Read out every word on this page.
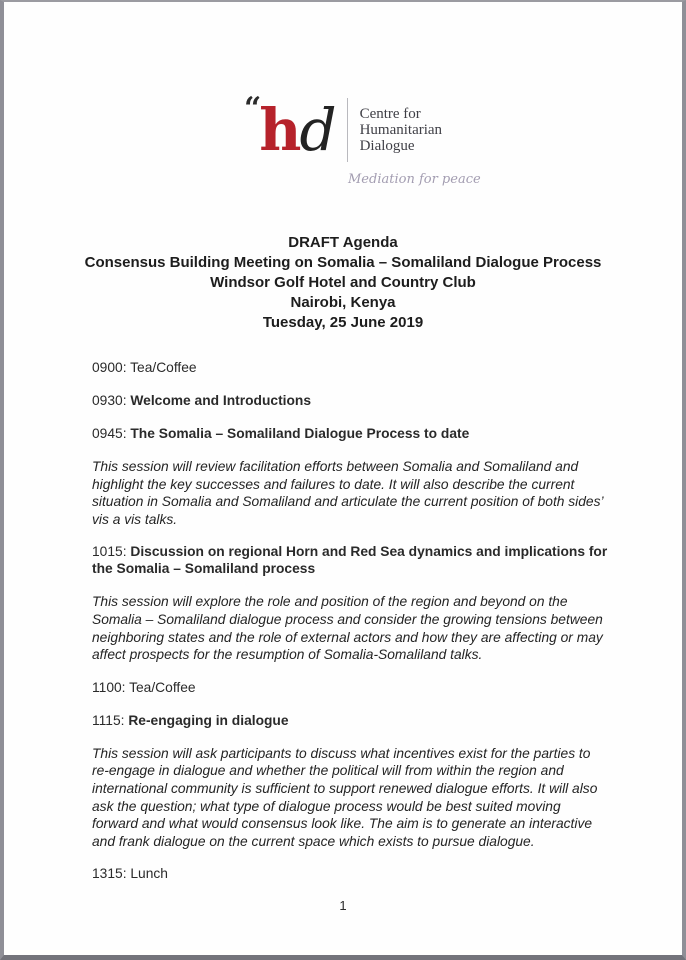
“ h d Centre for
Humanitarian
Dialogue
Mediation for peace
DRAFT Agenda
Consensus Building Meeting on Somalia – Somaliland Dialogue Process
Windsor Golf Hotel and Country Club
Nairobi, Kenya
Tuesday, 25 June 2019
0900: Tea/Coffee
0930: Welcome and Introductions
0945: The Somalia – Somaliland Dialogue Process to date

This session will review facilitation efforts between Somalia and Somaliland and highlight the key successes and failures to date. It will also describe the current situation in Somalia and Somaliland and articulate the current position of both sides’ vis a vis talks.

1015: Discussion on regional Horn and Red Sea dynamics and implications for the Somalia – Somaliland process

This session will explore the role and position of the region and beyond on the Somalia – Somaliland dialogue process and consider the growing tensions between neighboring states and the role of external actors and how they are affecting or may affect prospects for the resumption of Somalia-Somaliland talks.

1100: Tea/Coffee
1115: Re-engaging in dialogue

This session will ask participants to discuss what incentives exist for the parties to re-engage in dialogue and whether the political will from within the region and international community is sufficient to support renewed dialogue efforts. It will also ask the question; what type of dialogue process would be best suited moving forward and what would consensus look like. The aim is to generate an interactive and frank dialogue on the current space which exists to pursue dialogue.

1315: Lunch
1
